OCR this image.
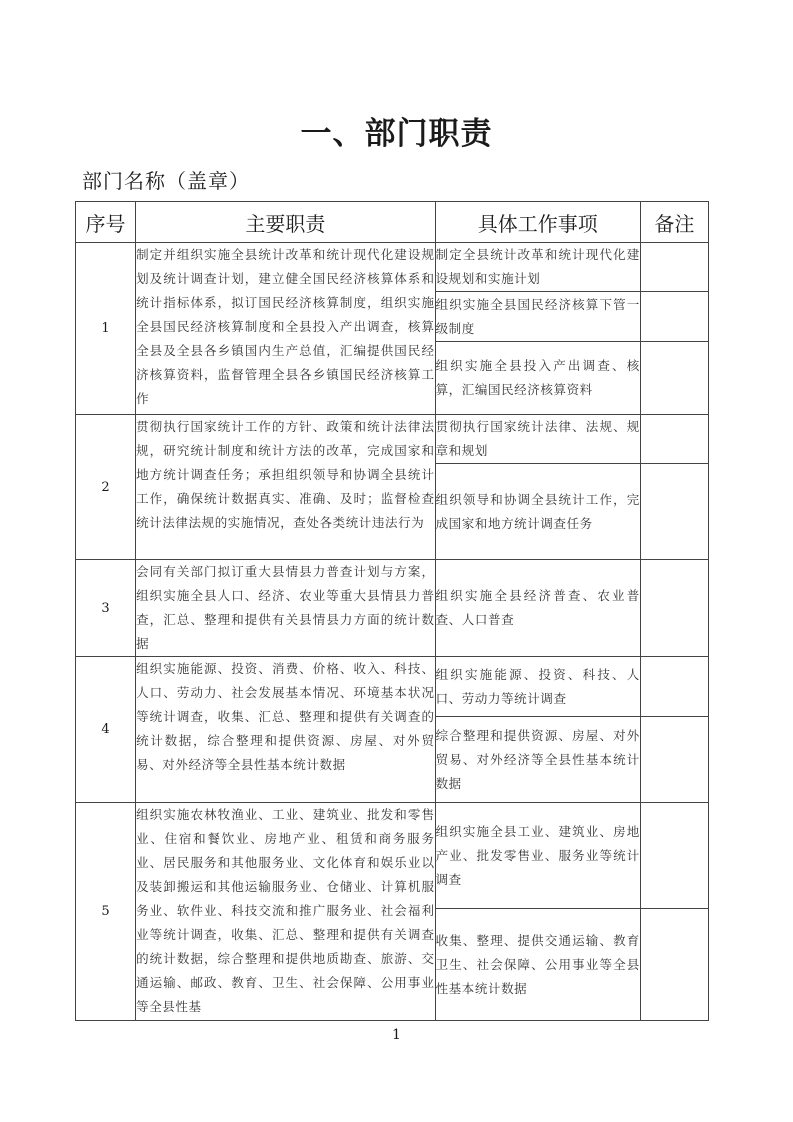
一、部门职责
部门名称（盖章）
序号	主要职责	具体工作事项	备注
1	制定并组织实施全县统计改革和统计现代化建设规划及统计调查计划，建立健全国民经济核算体系和统计指标体系，拟订国民经济核算制度，组织实施全县国民经济核算制度和全县投入产出调查，核算全县及全县各乡镇国内生产总值，汇编提供国民经济核算资料，监督管理全县各乡镇国民经济核算工作	制定全县统计改革和统计现代化建设规划和实施计划	
		组织实施全县国民经济核算下管一级制度	
		组织实施全县投入产出调查、核算，汇编国民经济核算资料	
2	贯彻执行国家统计工作的方针、政策和统计法律法规，研究统计制度和统计方法的改革，完成国家和地方统计调查任务；承担组织领导和协调全县统计工作，确保统计数据真实、准确、及时；监督检查统计法律法规的实施情况，查处各类统计违法行为	贯彻执行国家统计法律、法规、规章和规划	
		组织领导和协调全县统计工作，完成国家和地方统计调查任务	
3	会同有关部门拟订重大县情县力普查计划与方案，组织实施全县人口、经济、农业等重大县情县力普查，汇总、整理和提供有关县情县力方面的统计数据	组织实施全县经济普查、农业普查、人口普查	
4	组织实施能源、投资、消费、价格、收入、科技、人口、劳动力、社会发展基本情况、环境基本状况等统计调查，收集、汇总、整理和提供有关调查的统计数据，综合整理和提供资源、房屋、对外贸易、对外经济等全县性基本统计数据	组织实施能源、投资、科技、人口、劳动力等统计调查	
		综合整理和提供资源、房屋、对外贸易、对外经济等全县性基本统计数据	
5	组织实施农林牧渔业、工业、建筑业、批发和零售业、住宿和餐饮业、房地产业、租赁和商务服务业、居民服务和其他服务业、文化体育和娱乐业以及装卸搬运和其他运输服务业、仓储业、计算机服务业、软件业、科技交流和推广服务业、社会福利业等统计调查，收集、汇总、整理和提供有关调查的统计数据，综合整理和提供地质勘查、旅游、交通运输、邮政、教育、卫生、社会保障、公用事业等全县性基	组织实施全县工业、建筑业、房地产业、批发零售业、服务业等统计调查	
		收集、整理、提供交通运输、教育卫生、社会保障、公用事业等全县性基本统计数据	
1
